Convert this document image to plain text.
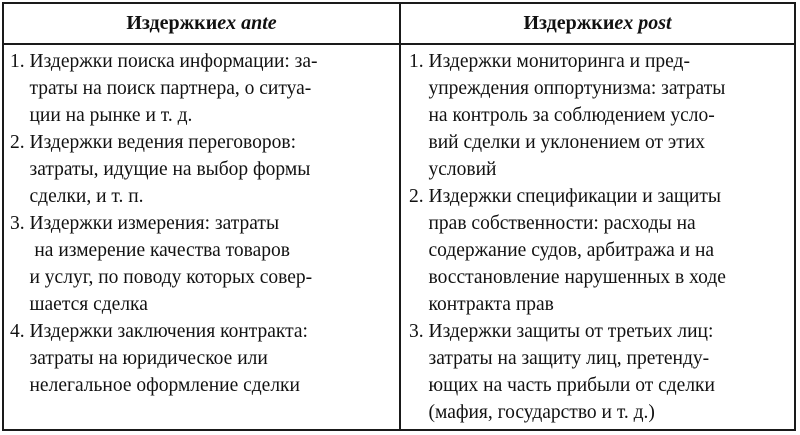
Издержки ex ante	Издержки ex post
1. Издержки поиска информации: за-
траты на поиск партнера, о ситуа-
ции на рынке и т. д.
2. Издержки ведения переговоров:
затраты, идущие на выбор формы
сделки, и т. п.
3. Издержки измерения: затраты
на измерение качества товаров
и услуг, по поводу которых совер-
шается сделка
4. Издержки заключения контракта:
затраты на юридическое или
нелегальное оформление сделки
1. Издержки мониторинга и пред-
упреждения оппортунизма: затраты
на контроль за соблюдением усло-
вий сделки и уклонением от этих
условий
2. Издержки спецификации и защиты
прав собственности: расходы на
содержание судов, арбитража и на
восстановление нарушенных в ходе
контракта прав
3. Издержки защиты от третьих лиц:
затраты на защиту лиц, претенду-
ющих на часть прибыли от сделки
(мафия, государство и т. д.)
